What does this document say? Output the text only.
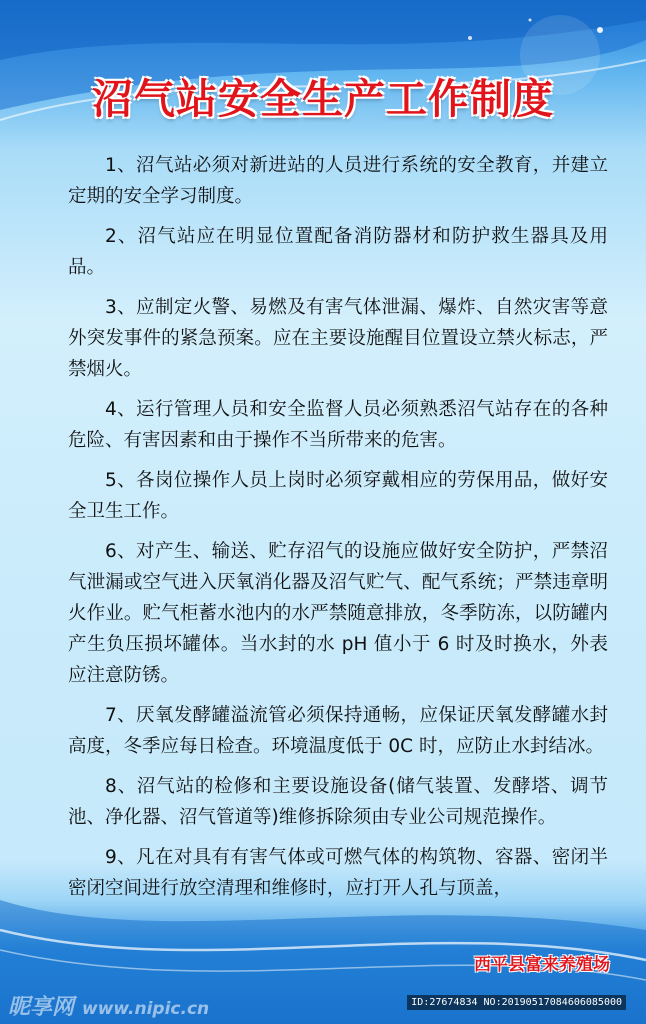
沼气站安全生产工作制度

1、沼气站必须对新进站的人员进行系统的安全教育，并建立定期的安全学习制度。

2、沼气站应在明显位置配备消防器材和防护救生器具及用品。

3、应制定火警、易燃及有害气体泄漏、爆炸、自然灾害等意外突发事件的紧急预案。应在主要设施醒目位置设立禁火标志，严禁烟火。

4、运行管理人员和安全监督人员必须熟悉沼气站存在的各种危险、有害因素和由于操作不当所带来的危害。

5、各岗位操作人员上岗时必须穿戴相应的劳保用品，做好安全卫生工作。

6、对产生、输送、贮存沼气的设施应做好安全防护，严禁沼气泄漏或空气进入厌氧消化器及沼气贮气、配气系统；严禁违章明火作业。贮气柜蓄水池内的水严禁随意排放，冬季防冻，以防罐内产生负压损坏罐体。当水封的水 pH 值小于 6 时及时换水，外表应注意防锈。

7、厌氧发酵罐溢流管必须保持通畅，应保证厌氧发酵罐水封高度，冬季应每日检查。环境温度低于 0C 时，应防止水封结冰。

8、沼气站的检修和主要设施设备(储气装置、发酵塔、调节池、净化器、沼气管道等)维修拆除须由专业公司规范操作。

9、凡在对具有有害气体或可燃气体的构筑物、容器、密闭半密闭空间进行放空清理和维修时，应打开人孔与顶盖，

西平县富来养殖场
昵享网 www.nipic.cn	ID:27674834 NO:20190517084606085000
